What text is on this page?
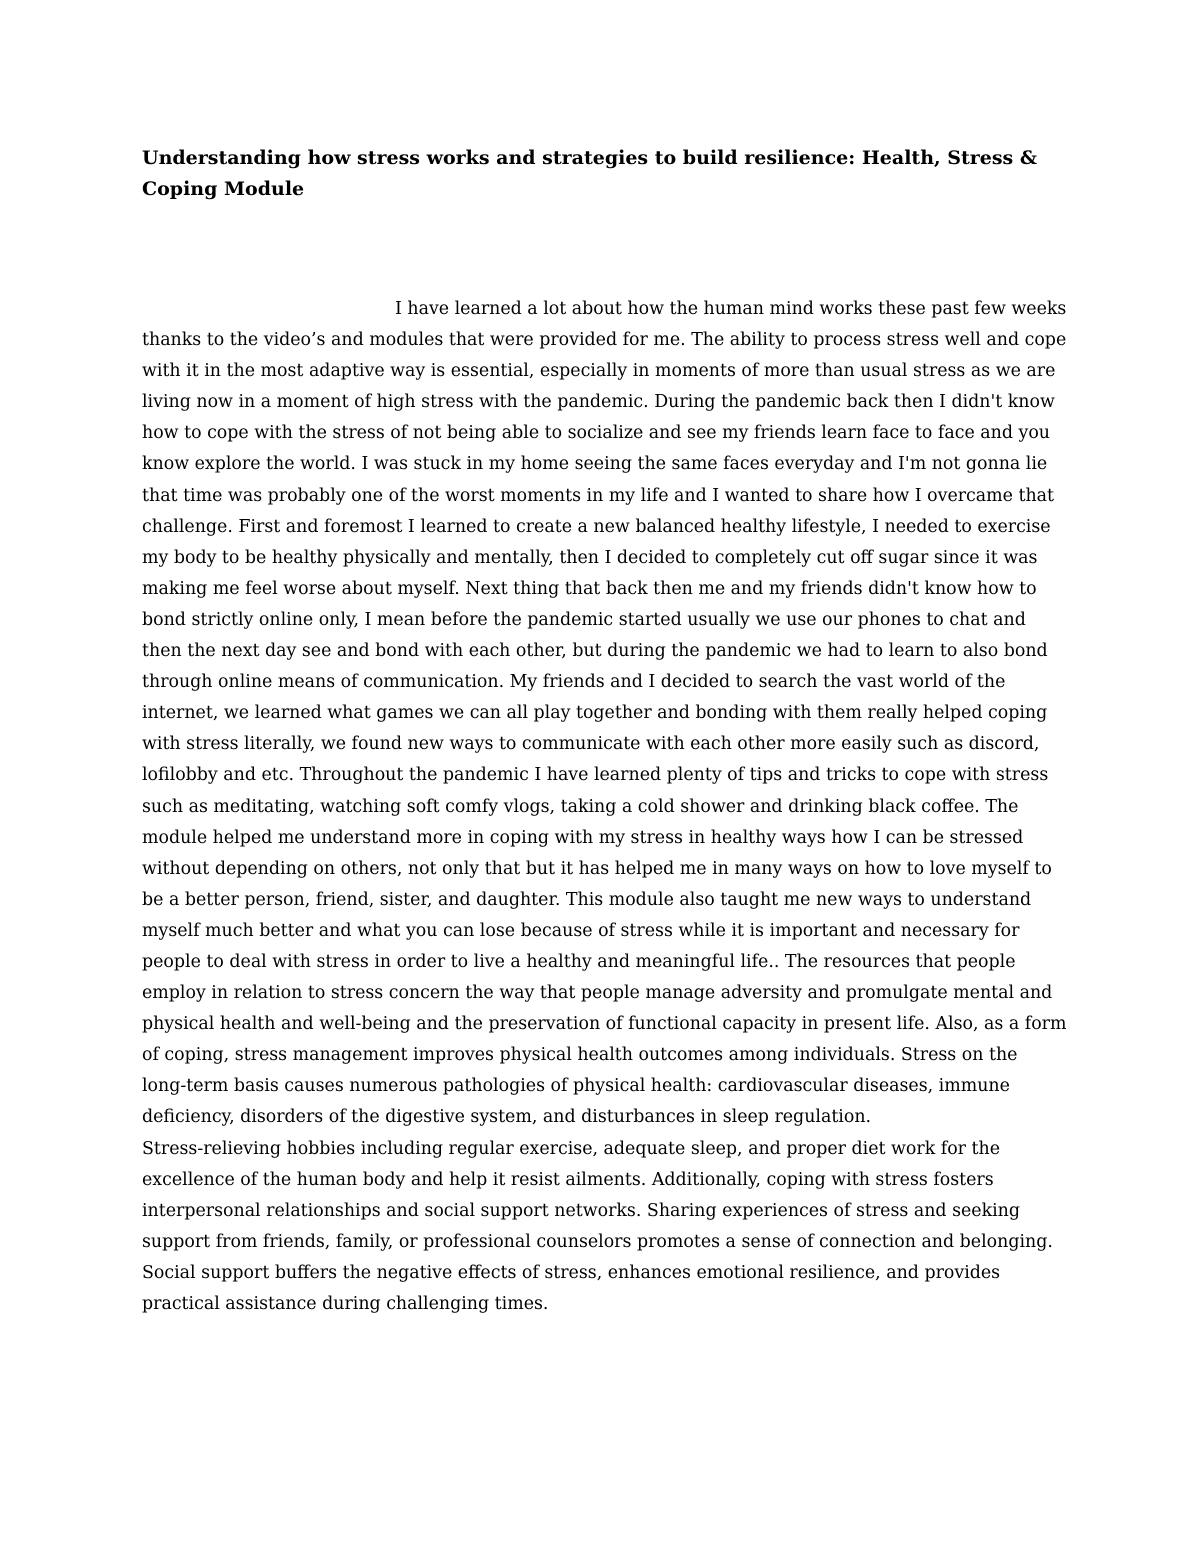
Understanding how stress works and strategies to build resilience: Health, Stress & Coping Module

I have learned a lot about how the human mind works these past few weeks thanks to the video’s and modules that were provided for me. The ability to process stress well and cope with it in the most adaptive way is essential, especially in moments of more than usual stress as we are living now in a moment of high stress with the pandemic. During the pandemic back then I didn't know how to cope with the stress of not being able to socialize and see my friends learn face to face and you know explore the world. I was stuck in my home seeing the same faces everyday and I'm not gonna lie that time was probably one of the worst moments in my life and I wanted to share how I overcame that challenge. First and foremost I learned to create a new balanced healthy lifestyle, I needed to exercise my body to be healthy physically and mentally, then I decided to completely cut off sugar since it was making me feel worse about myself. Next thing that back then me and my friends didn't know how to bond strictly online only, I mean before the pandemic started usually we use our phones to chat and then the next day see and bond with each other, but during the pandemic we had to learn to also bond through online means of communication. My friends and I decided to search the vast world of the internet, we learned what games we can all play together and bonding with them really helped coping with stress literally, we found new ways to communicate with each other more easily such as discord, lofilobby and etc. Throughout the pandemic I have learned plenty of tips and tricks to cope with stress such as meditating, watching soft comfy vlogs, taking a cold shower and drinking black coffee. The module helped me understand more in coping with my stress in healthy ways how I can be stressed without depending on others, not only that but it has helped me in many ways on how to love myself to be a better person, friend, sister, and daughter. This module also taught me new ways to understand myself much better and what you can lose because of stress while it is important and necessary for people to deal with stress in order to live a healthy and meaningful life.. The resources that people employ in relation to stress concern the way that people manage adversity and promulgate mental and physical health and well-being and the preservation of functional capacity in present life. Also, as a form of coping, stress management improves physical health outcomes among individuals. Stress on the long-term basis causes numerous pathologies of physical health: cardiovascular diseases, immune deficiency, disorders of the digestive system, and disturbances in sleep regulation.

Stress-relieving hobbies including regular exercise, adequate sleep, and proper diet work for the excellence of the human body and help it resist ailments. Additionally, coping with stress fosters interpersonal relationships and social support networks. Sharing experiences of stress and seeking support from friends, family, or professional counselors promotes a sense of connection and belonging. Social support buffers the negative effects of stress, enhances emotional resilience, and provides practical assistance during challenging times.
